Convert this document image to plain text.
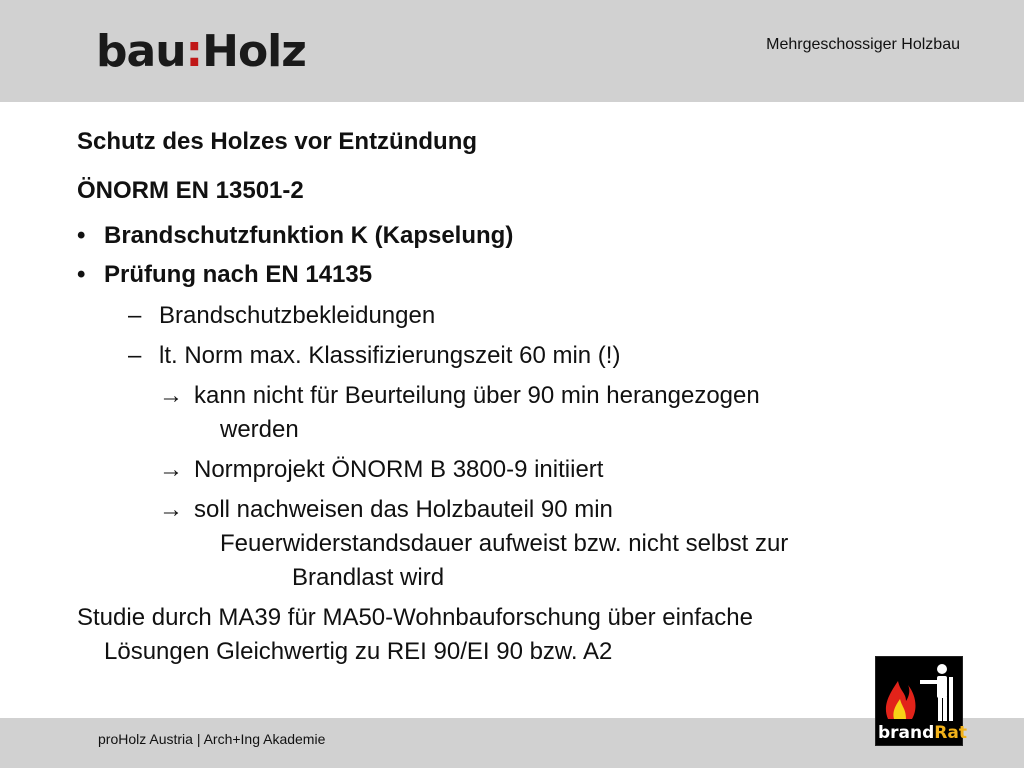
bau:Holz	Mehrgeschossiger Holzbau
Schutz des Holzes vor Entzündung
ÖNORM EN 13501-2
• Brandschutzfunktion K (Kapselung)
• Prüfung nach EN 14135
– Brandschutzbekleidungen
– lt. Norm max. Klassifizierungszeit 60 min (!)
→ kann nicht für Beurteilung über 90 min herangezogen
werden
→ Normprojekt ÖNORM B 3800-9 initiiert
→ soll nachweisen das Holzbauteil 90 min
Feuerwiderstandsdauer aufweist bzw. nicht selbst zur
Brandlast wird
Studie durch MA39 für MA50-Wohnbauforschung über einfache
Lösungen Gleichwertig zu REI 90/EI 90 bzw. A2
proHolz Austria | Arch+Ing Akademie	brandRat
